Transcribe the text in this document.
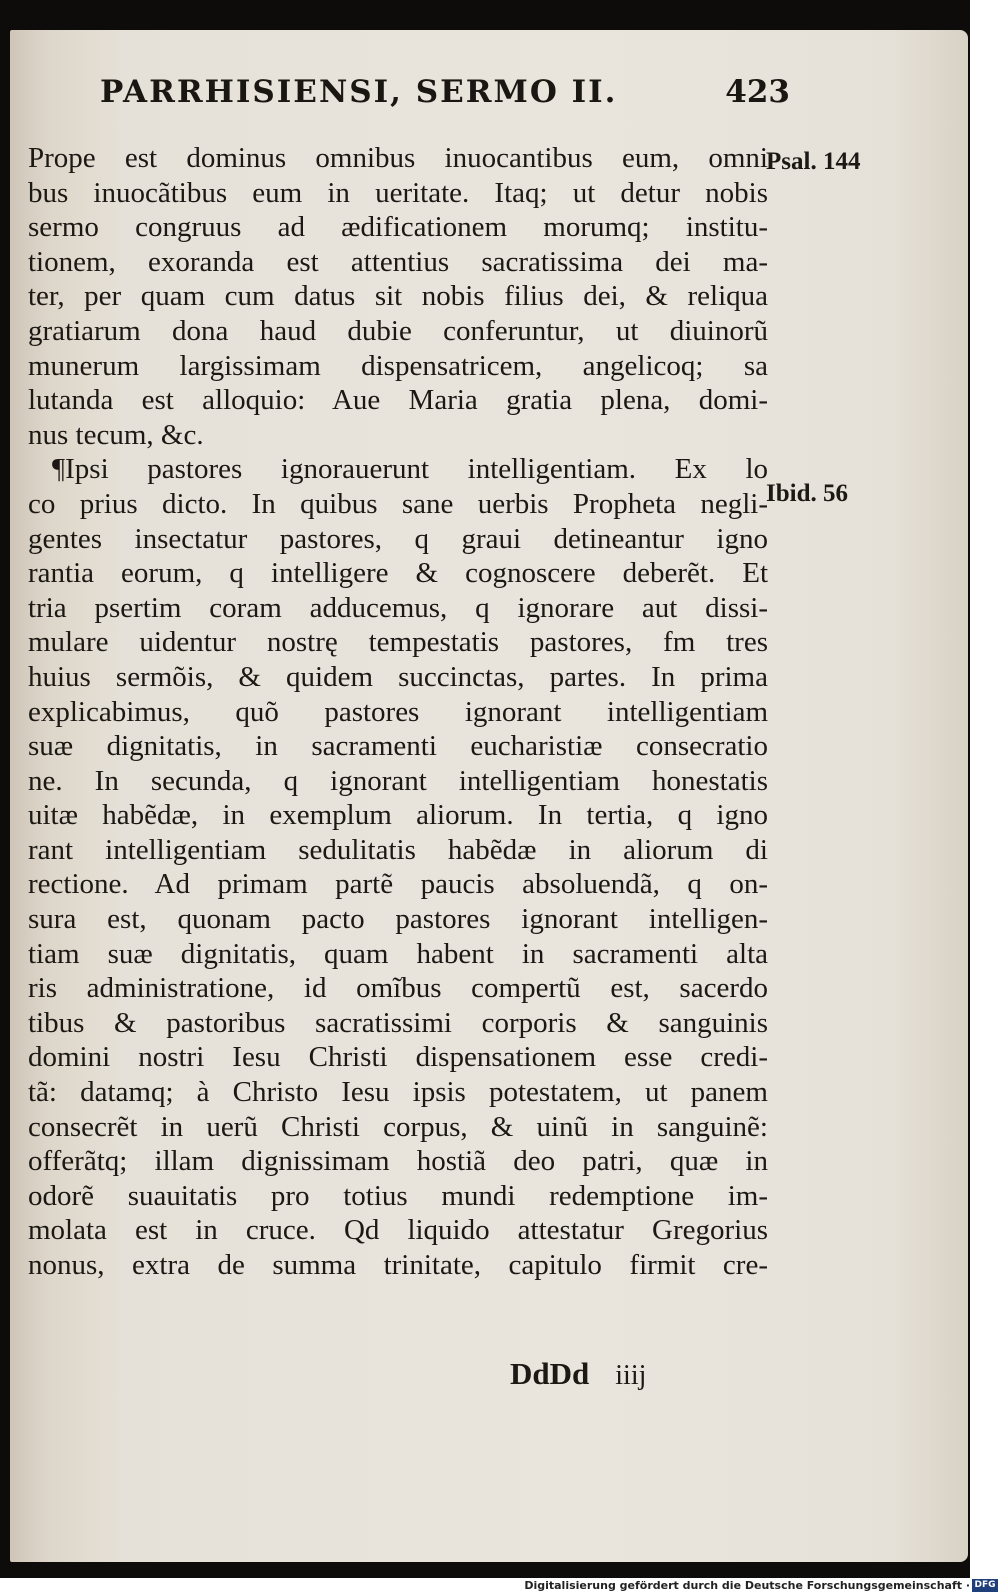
PARRHISIENSI, SERMO II.	423
Prope est dominus omnibus inuocantibus eum, omni
bus inuocãtibus eum in ueritate. Itaq; ut detur nobis
sermo congruus ad ædificationem morumq; institu-
tionem, exoranda est attentius sacratissima dei ma-
ter, per quam cum datus sit nobis filius dei, & reliqua
gratiarum dona haud dubie conferuntur, ut diuinorũ
munerum largissimam dispensatricem, angelicoq; sa
lutanda est alloquio: Aue Maria gratia plena, domi-
nus tecum, &c.
¶Ipsi pastores ignorauerunt intelligentiam. Ex lo
co prius dicto. In quibus sane uerbis Propheta negli-
gentes insectatur pastores, q graui detineantur igno
rantia eorum, q intelligere & cognoscere deberẽt. Et
tria psertim coram adducemus, q ignorare aut dissi-
mulare uidentur nostrę tempestatis pastores, fm tres
huius sermõis, & quidem succinctas, partes. In prima
explicabimus, quõ pastores ignorant intelligentiam
suæ dignitatis, in sacramenti eucharistiæ consecratio
ne. In secunda, q ignorant intelligentiam honestatis
uitæ habẽdæ, in exemplum aliorum. In tertia, q igno
rant intelligentiam sedulitatis habẽdæ in aliorum di
rectione. Ad primam partẽ paucis absoluendã, q on-
sura est, quonam pacto pastores ignorant intelligen-
tiam suæ dignitatis, quam habent in sacramenti alta
ris administratione, id omĩbus compertũ est, sacerdo
tibus & pastoribus sacratissimi corporis & sanguinis
domini nostri Iesu Christi dispensationem esse credi-
tã: datamq; à Christo Iesu ipsis potestatem, ut panem
consecrẽt in uerũ Christi corpus, & uinũ in sanguinẽ:
offerãtq; illam dignissimam hostiã deo patri, quæ in
odorẽ suauitatis pro totius mundi redemptione im-
molata est in cruce. Qd liquido attestatur Gregorius
nonus, extra de summa trinitate, capitulo firmit cre-
Psal. 144
Ibid. 56
DdDd iiij
Digitalisierung gefördert durch die Deutsche Forschungsgemeinschaft · DFG
